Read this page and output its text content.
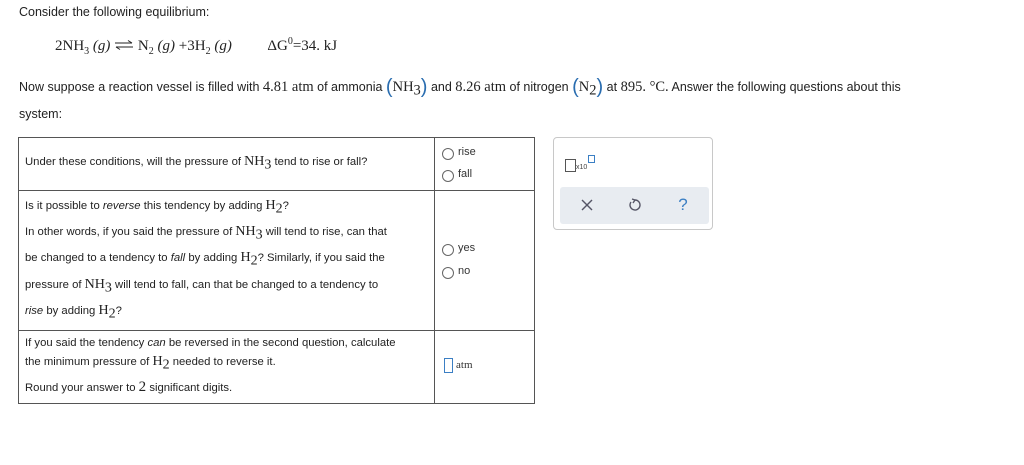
Consider the following equilibrium:
$2NH_3$ (g) ⇌ $N_2$ $(g) +3H_2$ (g) $\Delta G^0=34$. kJ
Now suppose a reaction vessel is filled with 4.81 atm of ammonia $(NH_3)$ and 8.26 atm of nitrogen $(N_2)$ at 895. °C. Answer the following questions about this
system:
Under these conditions, will the pressure of $NH_3$ tend to rise or fall?
rise
fall
Is it possible to reverse this tendency by adding $H_2$?
In other words, if you said the pressure of $NH_3$ will tend to rise, can that
be changed to a tendency to fall by adding $H_2$? Similarly, if you said the
pressure of $NH_3$ will tend to fall, can that be changed to a tendency to
rise by adding $H_2$?
yes
no
If you said the tendency can be reversed in the second question, calculate
the minimum pressure of $H_2$ needed to reverse it.
Round your answer to 2 significant digits.
atm
x10
?
